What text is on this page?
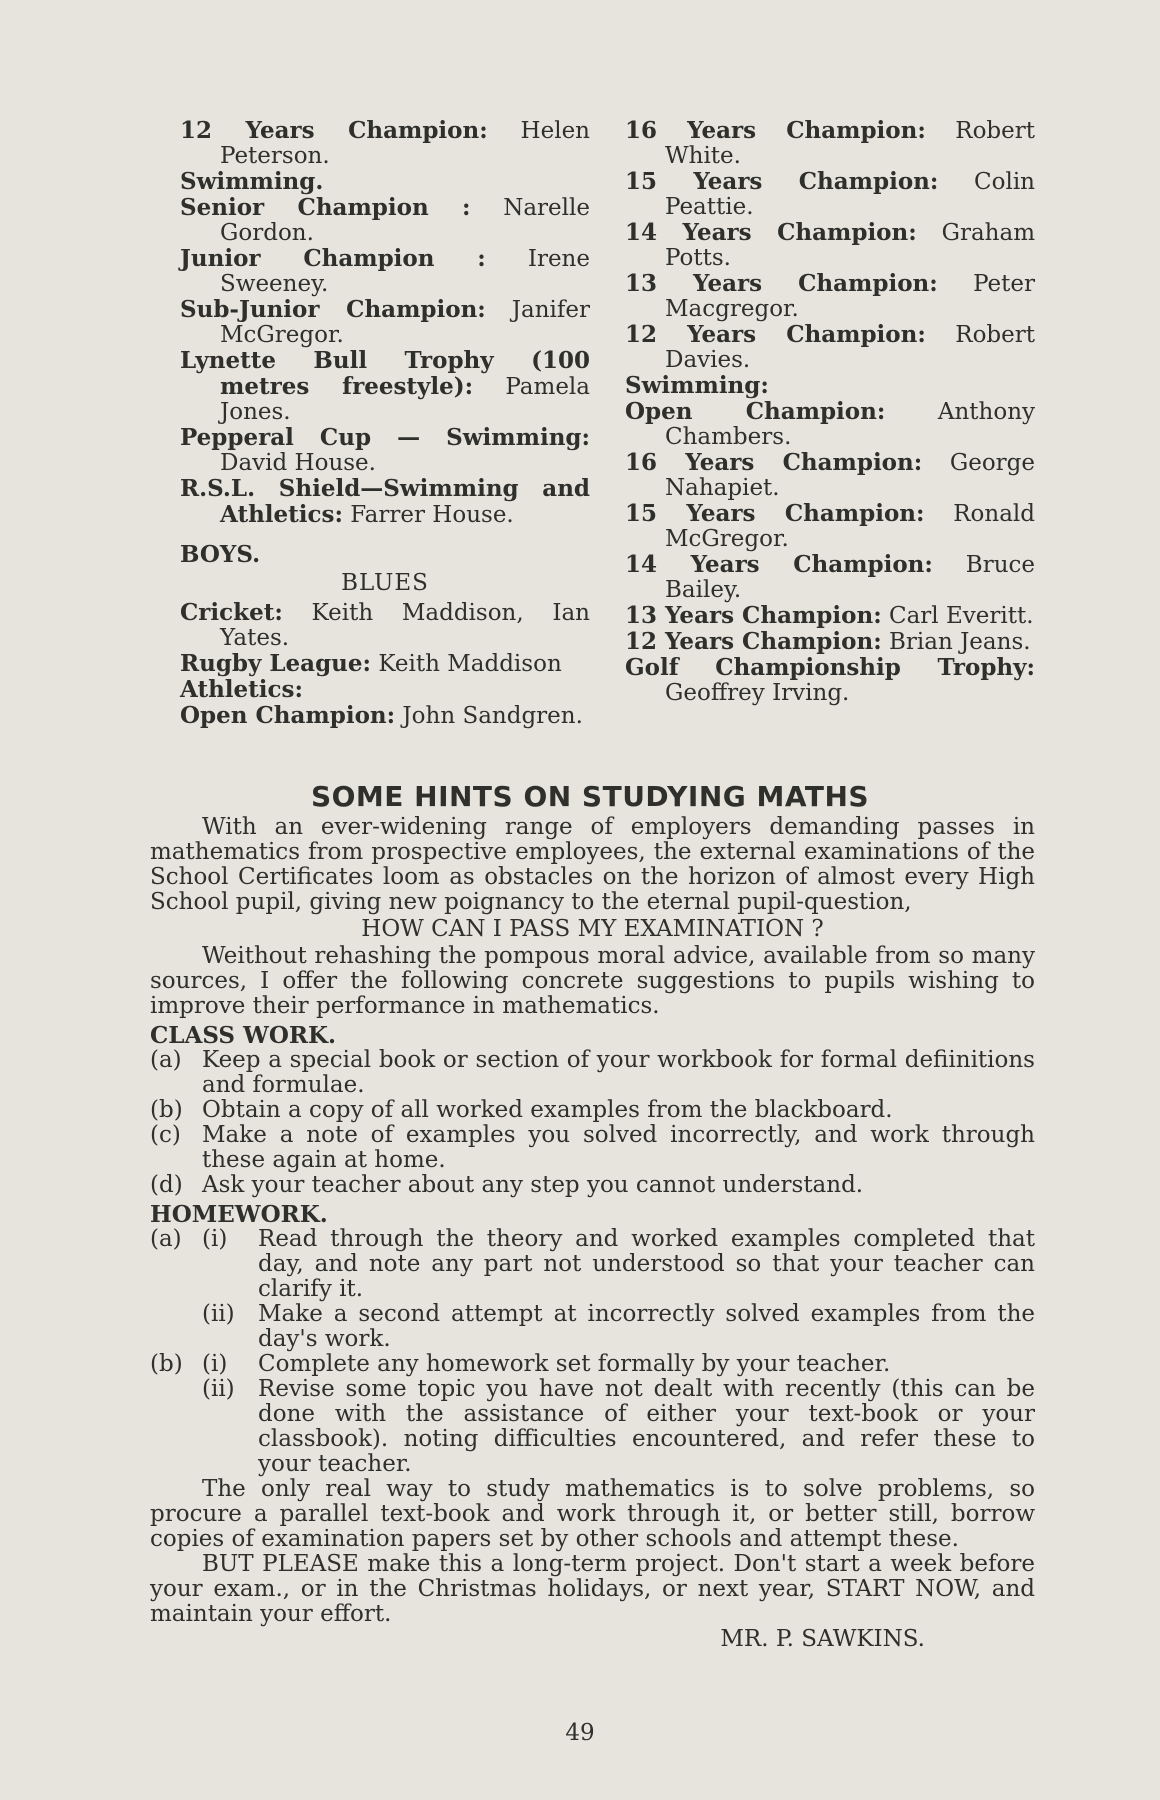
12 Years Champion: Helen Peterson.

Swimming.

Senior Champion : Narelle Gordon.

Junior Champion : Irene Sweeney.

Sub-Junior Champion: Janifer McGregor.

Lynette Bull Trophy (100 metres freestyle): Pamela Jones.

Pepperal Cup — Swimming: David House.

R.S.L. Shield—Swimming and Athletics: Farrer House.

BOYS.

BLUES

Cricket: Keith Maddison, Ian Yates.

Rugby League: Keith Maddison

Athletics:

Open Champion: John Sandgren.

16 Years Champion: Robert White.

15 Years Champion: Colin Peattie.

14 Years Champion: Graham Potts.

13 Years Champion: Peter Macgregor.

12 Years Champion: Robert Davies.

Swimming:

Open Champion: Anthony Chambers.

16 Years Champion: George Nahapiet.

15 Years Champion: Ronald McGregor.

14 Years Champion: Bruce Bailey.

13 Years Champion: Carl Everitt.

12 Years Champion: Brian Jeans.

Golf Championship Trophy: Geoffrey Irving.

SOME HINTS ON STUDYING MATHS

With an ever-widening range of employers demanding passes in mathematics from prospective employees, the external examinations of the School Certificates loom as obstacles on the horizon of almost every High School pupil, giving new poignancy to the eternal pupil-question,

HOW CAN I PASS MY EXAMINATION ?

Weithout rehashing the pompous moral advice, available from so many sources, I offer the following concrete suggestions to pupils wishing to improve their performance in mathematics.

CLASS WORK.

(a) Keep a special book or section of your workbook for formal defiinitions and formulae.
(b) Obtain a copy of all worked examples from the blackboard.
(c) Make a note of examples you solved incorrectly, and work through these again at home.
(d) Ask your teacher about any step you cannot understand.

HOMEWORK.

(a) (i)	Read through the theory and worked examples completed that day, and note any part not understood so that your teacher can clarify it.
(ii)	Make a second attempt at incorrectly solved examples from the day's work.
(b) (i)	Complete any homework set formally by your teacher.
(ii)	Revise some topic you have not dealt with recently (this can be done with the assistance of either your text-book or your classbook). noting difficulties encountered, and refer these to your teacher.

The only real way to study mathematics is to solve problems, so procure a parallel text-book and work through it, or better still, borrow copies of examination papers set by other schools and attempt these.

BUT PLEASE make this a long-term project. Don't start a week before your exam., or in the Christmas holidays, or next year, START NOW, and maintain your effort.

MR. P. SAWKINS.

49
